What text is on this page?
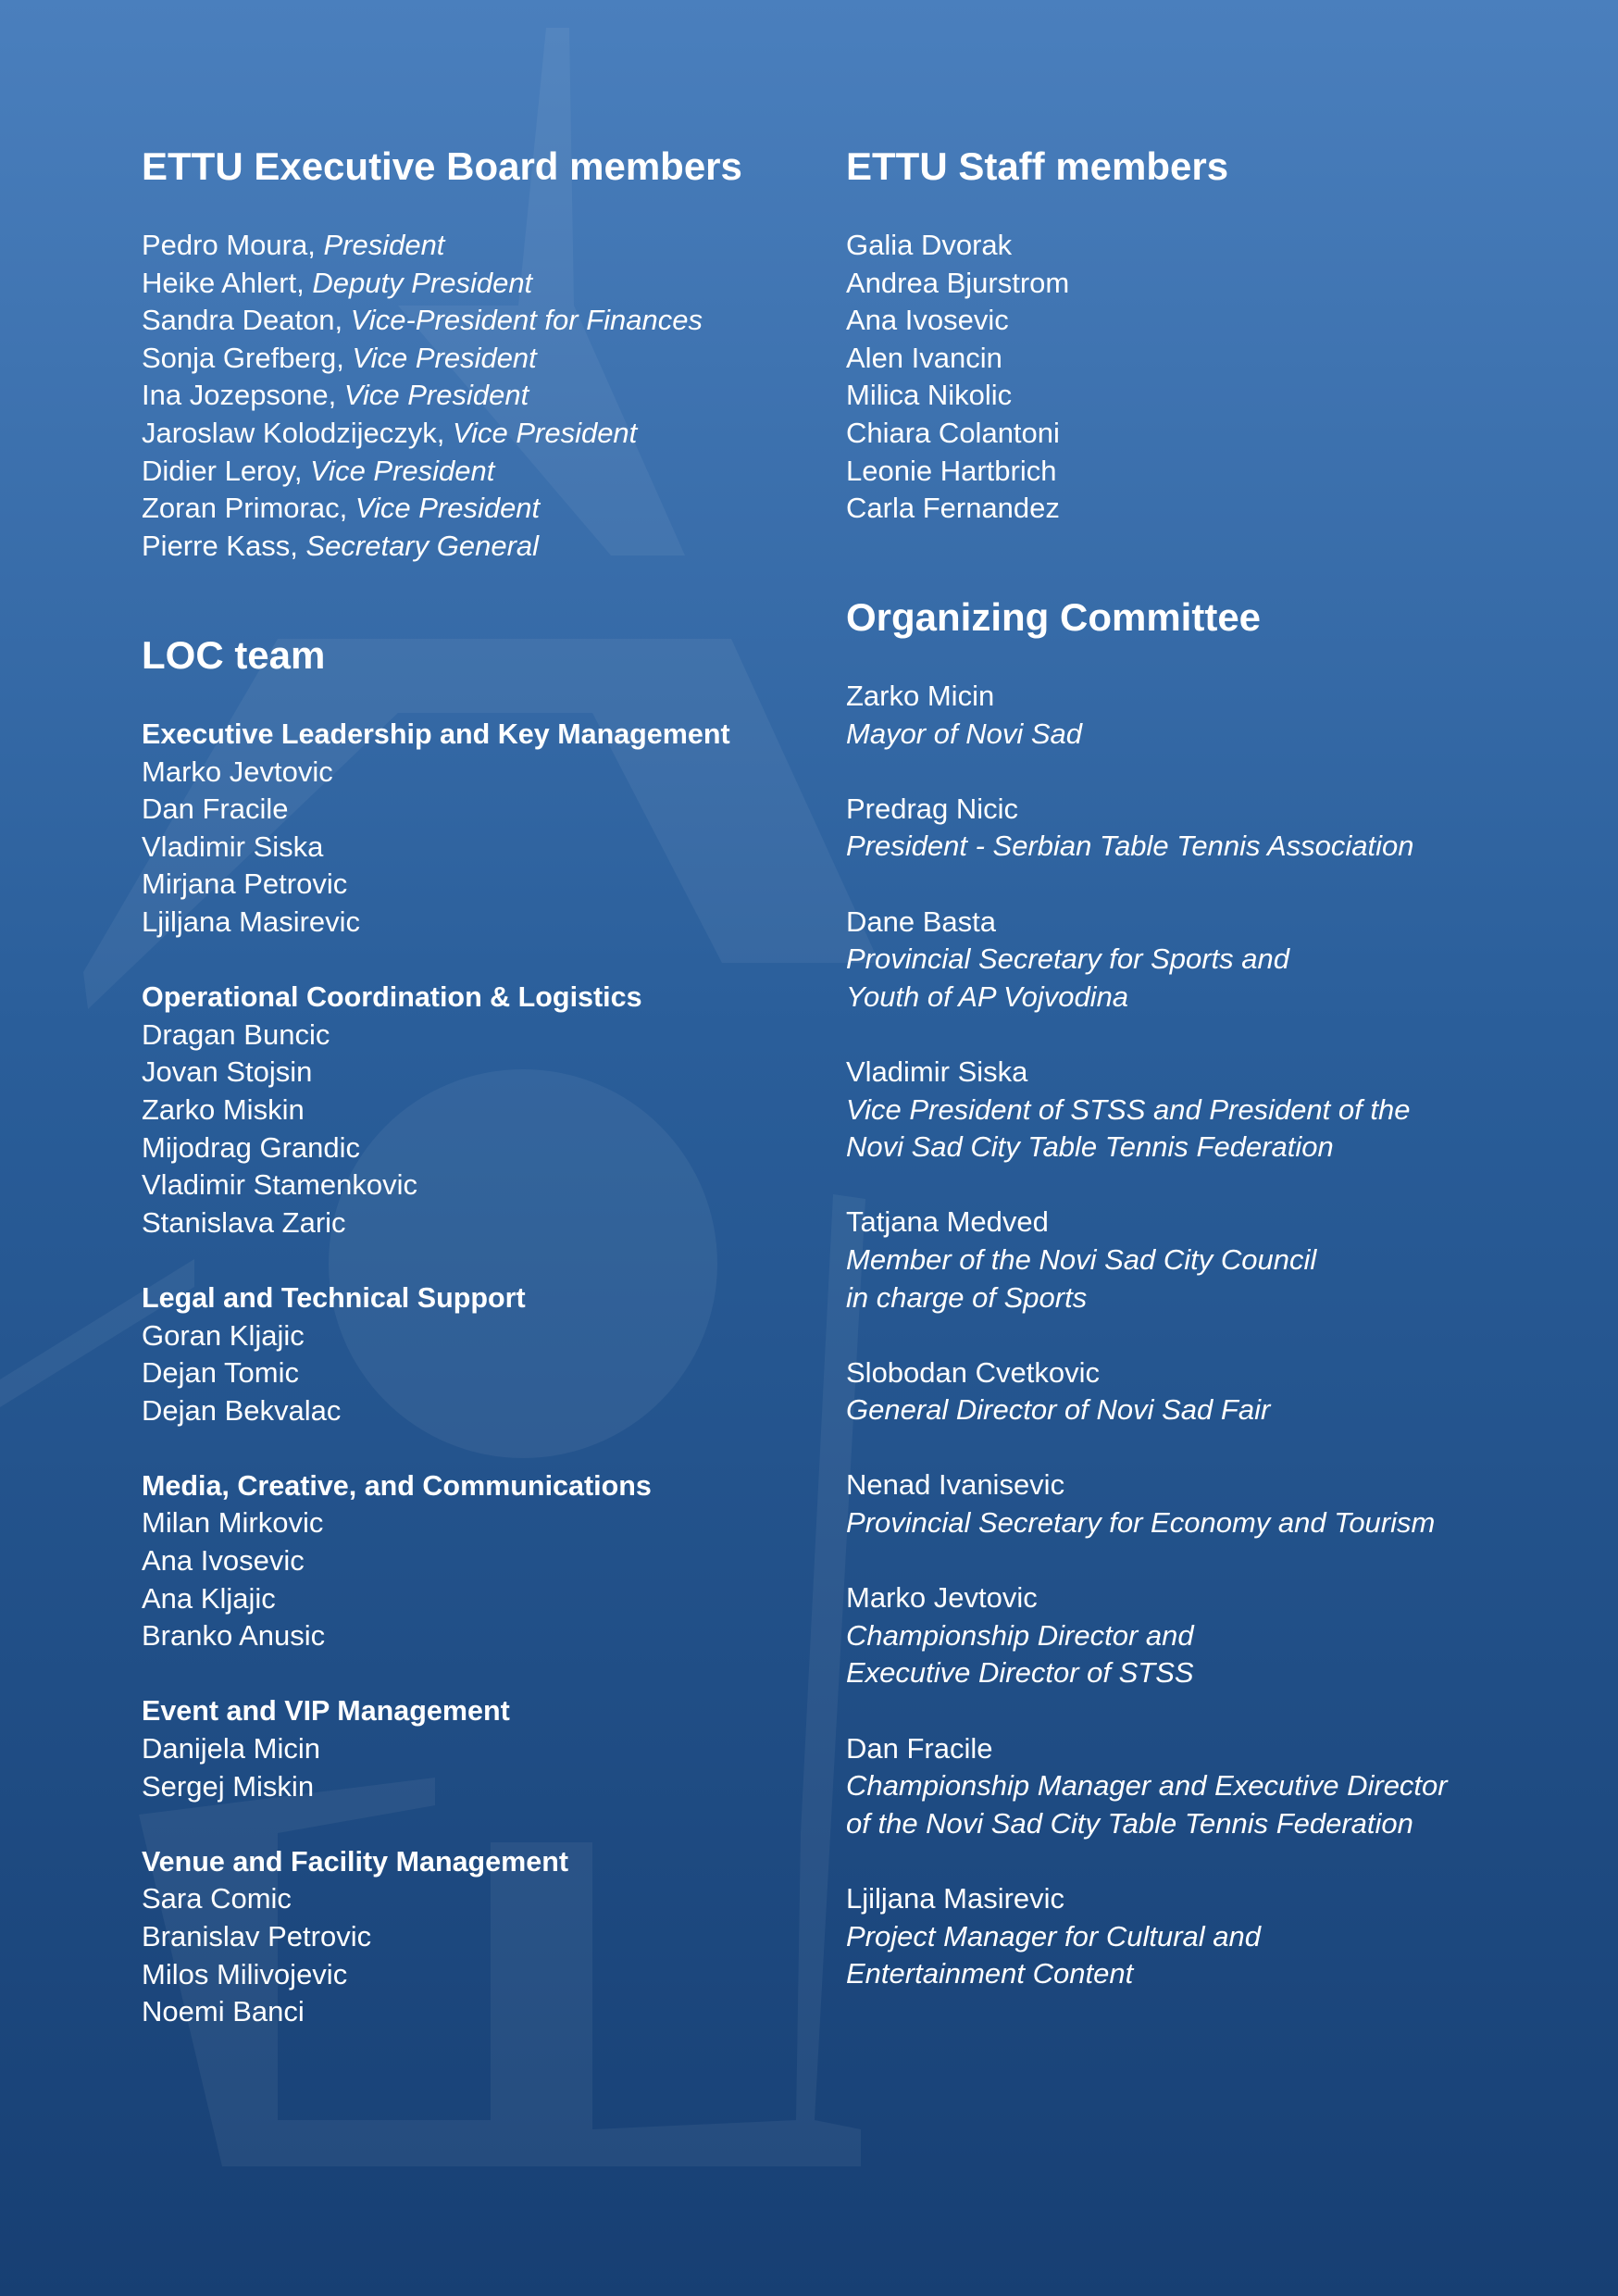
ETTU Executive Board members
Pedro Moura, President
Heike Ahlert, Deputy President
Sandra Deaton, Vice-President for Finances
Sonja Grefberg, Vice President
Ina Jozepsone, Vice President
Jaroslaw Kolodzijeczyk, Vice President
Didier Leroy, Vice President
Zoran Primorac, Vice President
Pierre Kass, Secretary General
LOC team
Executive Leadership and Key Management
Marko Jevtovic
Dan Fracile
Vladimir Siska
Mirjana Petrovic
Ljiljana Masirevic
Operational Coordination & Logistics
Dragan Buncic
Jovan Stojsin
Zarko Miskin
Mijodrag Grandic
Vladimir Stamenkovic
Stanislava Zaric
Legal and Technical Support
Goran Kljajic
Dejan Tomic
Dejan Bekvalac
Media, Creative, and Communications
Milan Mirkovic
Ana Ivosevic
Ana Kljajic
Branko Anusic
Event and VIP Management
Danijela Micin
Sergej Miskin
Venue and Facility Management
Sara Comic
Branislav Petrovic
Milos Milivojevic
Noemi Banci
ETTU Staff members
Galia Dvorak
Andrea Bjurstrom
Ana Ivosevic
Alen Ivancin
Milica Nikolic
Chiara Colantoni
Leonie Hartbrich
Carla Fernandez
Organizing Committee
Zarko Micin
Mayor of Novi Sad
Predrag Nicic
President - Serbian Table Tennis Association
Dane Basta
Provincial Secretary for Sports and
Youth of AP Vojvodina
Vladimir Siska
Vice President of STSS and President of the
Novi Sad City Table Tennis Federation
Tatjana Medved
Member of the Novi Sad City Council
in charge of Sports
Slobodan Cvetkovic
General Director of Novi Sad Fair
Nenad Ivanisevic
Provincial Secretary for Economy and Tourism
Marko Jevtovic
Championship Director and
Executive Director of STSS
Dan Fracile
Championship Manager and Executive Director
of the Novi Sad City Table Tennis Federation
Ljiljana Masirevic
Project Manager for Cultural and
Entertainment Content
